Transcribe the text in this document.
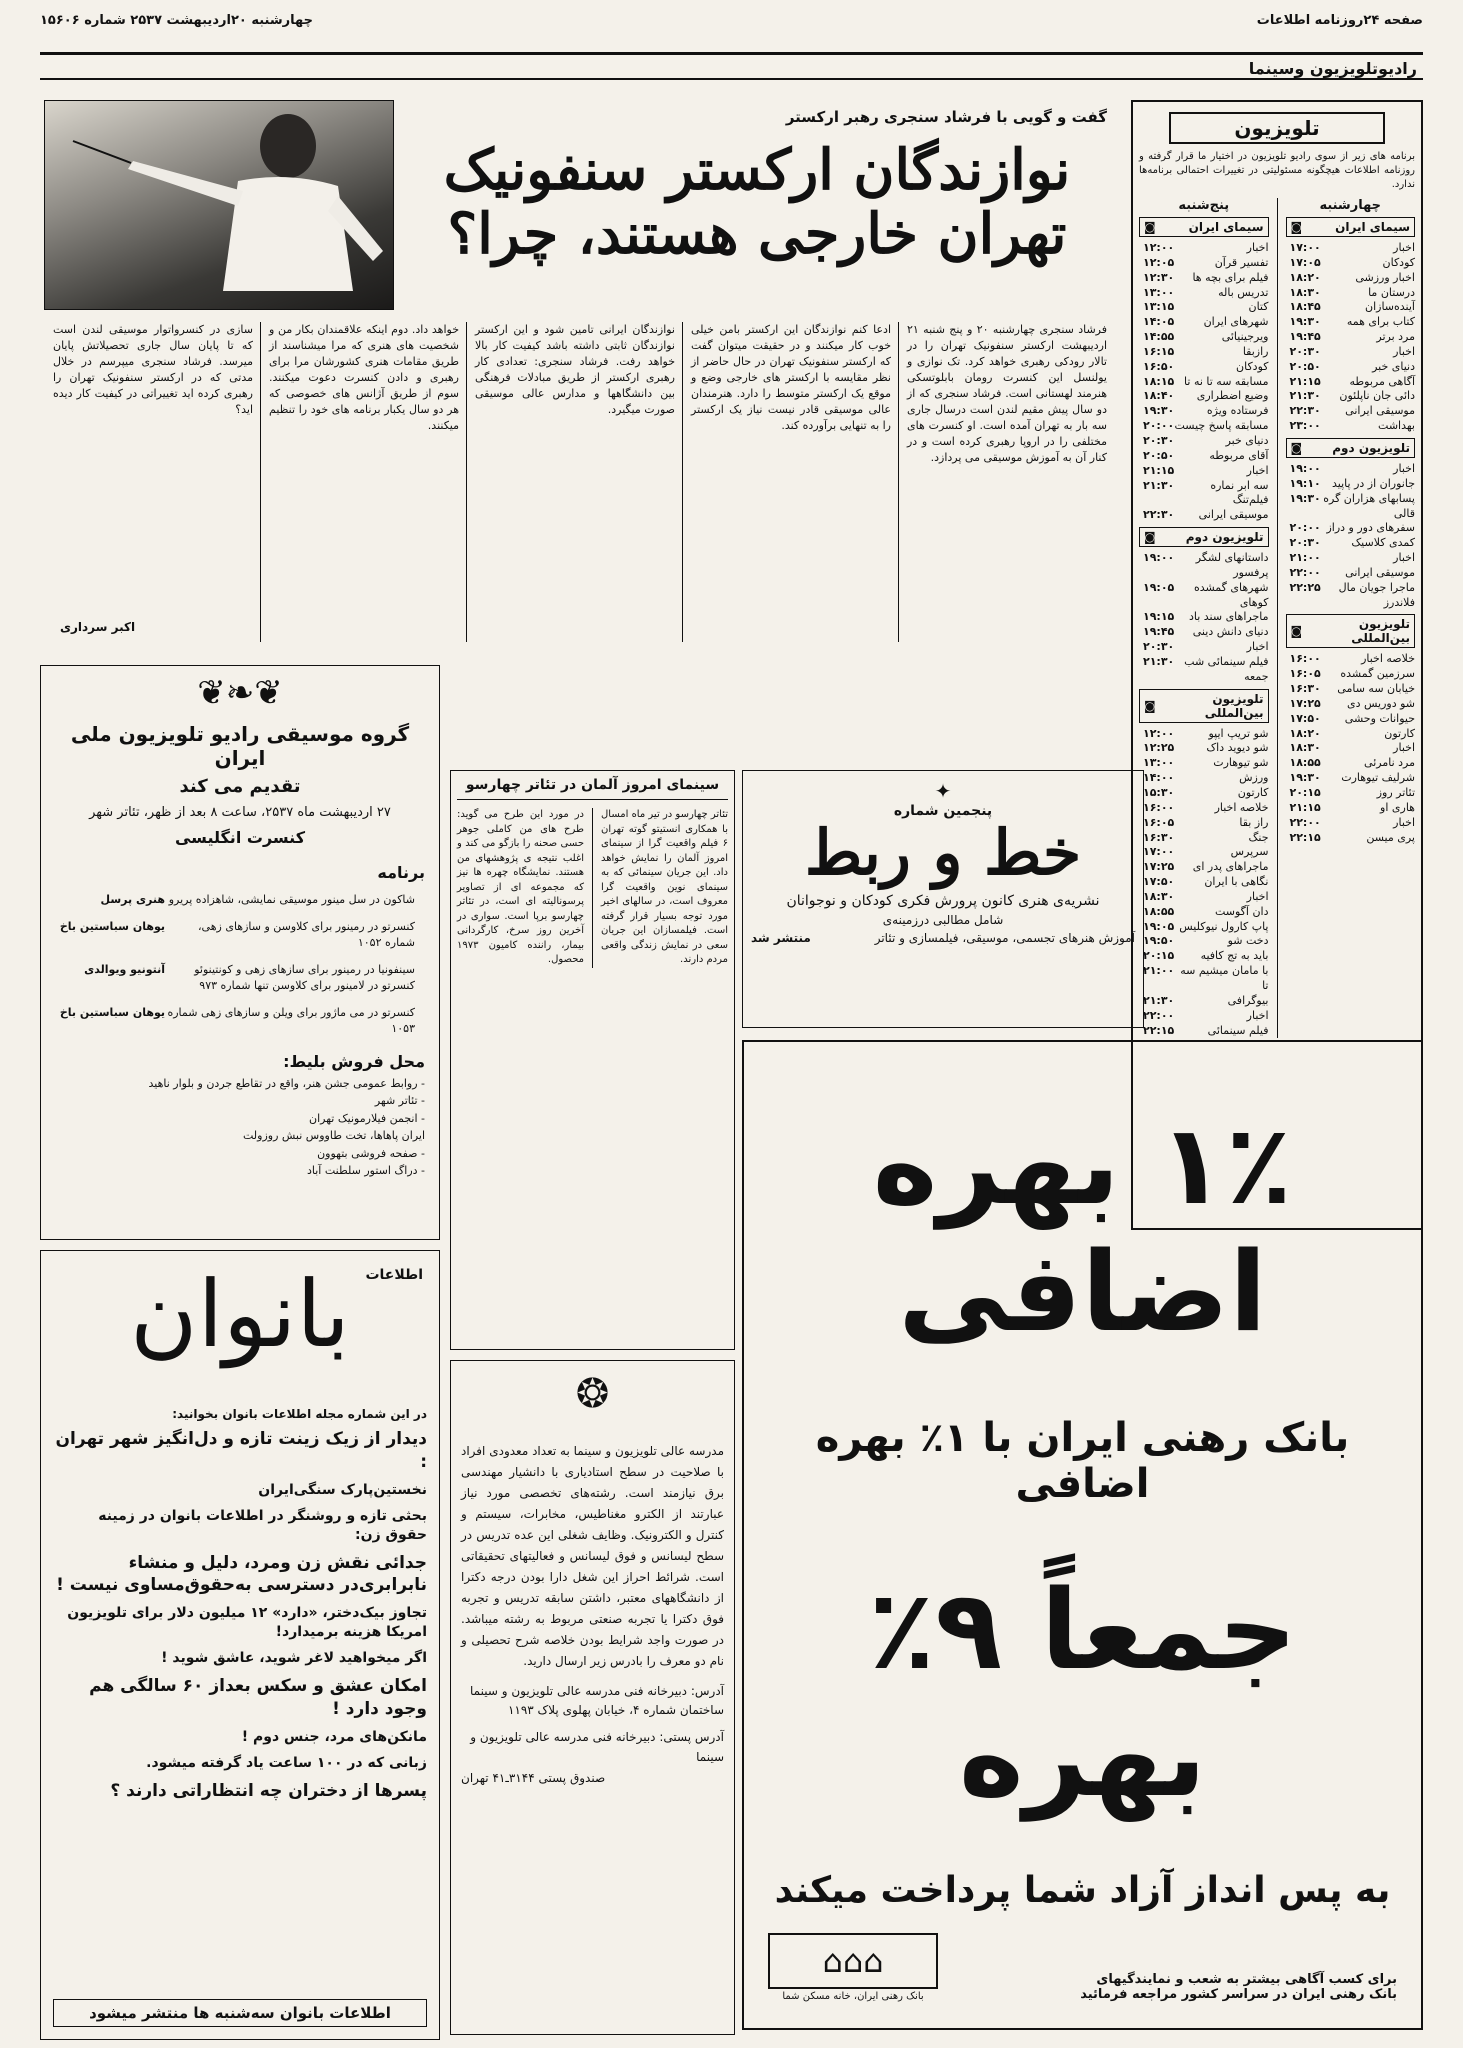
صفحه ۲۴روزنامه اطلاعات
چهارشنبه ۲۰اردیبهشت ۲۵۳۷ شماره ۱۵۶۰۶
رادیوتلویزیون وسینما
تلویزیون
برنامه های زیر از سوی رادیو تلویزیون در اختیار ما قرار گرفته و روزنامه اطلاعات هیچگونه مسئولیتی در تغییرات احتمالی برنامه‌ها ندارد.
چهارشنبه
سیمای ایران
◙
اخبار
۱۷:۰۰
کودکان
۱۷:۰۵
اخبار ورزشی
۱۸:۲۰
درستان ما
۱۸:۳۰
آینده‌سازان
۱۸:۴۵
کتاب برای همه
۱۹:۳۰
مرد برتر
۱۹:۴۵
اخبار
۲۰:۳۰
دنیای خبر
۲۰:۵۰
آگاهی مربوطه
۲۱:۱۵
دائی جان ناپلئون
۲۱:۳۰
موسیقی ایرانی
۲۲:۳۰
بهداشت
۲۳:۰۰
تلویزیون دوم
◙
اخبار
۱۹:۰۰
جانوران از در پاپید
۱۹:۱۰
پسابهای هزاران گره قالی
۱۹:۳۰
سفرهای دور و دراز
۲۰:۰۰
کمدی کلاسیک
۲۰:۳۰
اخبار
۲۱:۰۰
موسیقی ایرانی
۲۲:۰۰
ماجرا جویان مال فلاندرز
۲۲:۲۵
تلویزیون بین‌المللی
◙
خلاصه اخبار
۱۶:۰۰
سرزمین گمشده
۱۶:۰۵
خیابان سه سامی
۱۶:۳۰
شو دوریس دی
۱۷:۲۵
حیوانات وحشی
۱۷:۵۰
کارتون
۱۸:۲۰
اخبار
۱۸:۳۰
مرد نامرئی
۱۸:۵۵
شرلیف تیوهارت
۱۹:۳۰
تئاتر روز
۲۰:۱۵
هاری او
۲۱:۱۵
اخبار
۲۲:۰۰
پری میسن
۲۲:۱۵
پنج‌شنبه
سیمای ایران
◙
اخبار
۱۲:۰۰
تفسیر قرآن
۱۲:۰۵
فیلم برای بچه ها
۱۲:۳۰
تدریس باله
۱۳:۰۰
کتان
۱۳:۱۵
شهرهای ایران
۱۴:۰۵
ویرجینیائی
۱۴:۵۵
رازبقا
۱۶:۱۵
کودکان
۱۶:۵۰
مسابقه سه تا نه تا
۱۸:۱۵
وضیع اضطراری
۱۸:۴۰
فرستاده ویژه
۱۹:۳۰
مسابقه پاسخ چیست
۲۰:۰۰
دنیای خبر
۲۰:۳۰
آقای مربوطه
۲۰:۵۰
اخبار
۲۱:۱۵
سه ابر نماره فیلم‌تنگ
۲۱:۳۰
موسیقی ایرانی
۲۲:۳۰
تلویزیون دوم
◙
داستانهای لشگر پرفسور
۱۹:۰۰
شهرهای گمشده کوهای
۱۹:۰۵
ماجراهای سند باد
۱۹:۱۵
دنیای دانش دینی
۱۹:۴۵
اخبار
۲۰:۳۰
فیلم سینمائی شب جمعه
۲۱:۳۰
تلویزیون بین‌المللی
◙
شو تریپ ایپو
۱۲:۰۰
شو دیوید داک
۱۲:۲۵
شو تیوهارت
۱۳:۰۰
ورزش
۱۴:۰۰
کارتون
۱۵:۳۰
خلاصه اخبار
۱۶:۰۰
راز بقا
۱۶:۰۵
جنگ
۱۶:۳۰
سرپرس
۱۷:۰۰
ماجراهای پدر ای
۱۷:۲۵
نگاهی با ایران
۱۷:۵۰
اخبار
۱۸:۳۰
دان آگوست
۱۸:۵۵
پاپ کارول نیوکلیس
۱۹:۰۵
دخت شو
۱۹:۵۰
باید به تج کافیه
۲۰:۱۵
با مامان میشیم سه تا
۲۱:۰۰
بیوگرافی
۲۱:۳۰
اخبار
۲۲:۰۰
فیلم سینمائی
۲۲:۱۵
گفت و گویی با فرشاد سنجری رهبر ارکستر
نوازندگان ارکستر سنفونیک
تهران خارجی هستند، چرا؟
فرشاد سنجری چهارشنبه ۲۰ و پنج شنبه ۲۱ اردیبهشت ارکستر سنفونیک تهران را در تالار رودکی رهبری خواهد کرد. تک نوازی و یولنسل این کنسرت رومان بابلوتسکی هنرمند لهستانی است. فرشاد سنجری که از دو سال پیش مقیم لندن است درسال جاری سه بار به تهران آمده است. او کنسرت های مختلفی را در اروپا رهبری کرده است و در کنار آن به آموزش موسیقی می پردازد.
ادعا کنم نوازندگان این ارکستر بامن خیلی خوب کار میکنند و در حقیقت میتوان گفت که ارکستر سنفونیک تهران در حال حاضر از نظر مقایسه با ارکستر های خارجی وضع و موقع یک ارکستر متوسط را دارد. هنرمندان عالی موسیقی قادر نیست نیاز یک ارکستر را به تنهایی برآورده کند.
نوازندگان ایرانی تامین شود و این ارکستر نوازندگان ثابتی داشته باشد کیفیت کار بالا خواهد رفت. فرشاد سنجری: تعدادی کار رهبری ارکستر از طریق مبادلات فرهنگی بین دانشگاهها و مدارس عالی موسیقی صورت میگیرد.
خواهد داد. دوم اینکه علاقمندان بکار من و شخصیت های هنری که مرا میشناسند از طریق مقامات هنری کشورشان مرا برای رهبری و دادن کنسرت دعوت میکنند. سوم از طریق آژانس های خصوصی که هر دو سال یکبار برنامه های خود را تنظیم میکنند.
سازی در کنسرواتوار موسیقی لندن است که تا پایان سال جاری تحصیلاتش پایان میرسد. فرشاد سنجری میپرسم در خلال مدتی که در ارکستر سنفونیک تهران را رهبری کرده اید تغییراتی در کیفیت کار دیده اید؟
اکبر سرداری
❦❧❦
گروه موسیقی رادیو تلویزیون ملی ایران
تقدیم می کند
۲۷ اردیبهشت ماه ۲۵۳۷، ساعت ۸ بعد از ظهر، تئاتر شهر
کنسرت انگلیسی
برنامه
شاکون در سل مینور موسیقی نمایشی، شاهزاده پریرو
هنری پرسل
کنسرتو در رمینور برای کلاوسن و سازهای زهی، شماره ۱۰۵۲
یوهان سباستین باخ
سینفونیا در رمینور برای سازهای زهی و کونتینوئو کنسرتو در لامینور برای کلاوسن تنها شماره ۹۷۳
آنتونیو ویوالدی
کنسرتو در می ماژور برای ویلن و سازهای زهی شماره ۱۰۵۳
یوهان سباستین باخ
محل فروش بلیط:
- روابط عمومی جشن هنر، واقع در تقاطع جردن و بلوار ناهید
- تئاتر شهر
- انجمن فیلارمونیک تهران
ایران پاهاها، تخت طاووس نبش روزولت
- صفحه فروشی بتهوون
- دراگ استور سلطنت آباد
سینمای امروز آلمان در تئاتر چهارسو
تئاتر چهارسو در تیر ماه امسال با همکاری انستیتو گوته تهران ۶ فیلم واقعیت گرا از سینمای امروز آلمان را نمایش خواهد داد. این جریان سینمائی که به سینمای نوین واقعیت گرا معروف است، در سالهای اخیر مورد توجه بسیار قرار گرفته است. فیلمسازان این جریان سعی در نمایش زندگی واقعی مردم دارند.
در مورد این طرح می گوید: طرح های من کاملی جوهر حسی صحنه را بازگو می کند و اغلب نتیجه ی پژوهشهای من هستند. نمایشگاه چهره ها نیز که مجموعه ای از تصاویر پرسونالیته ای است، در تئاتر چهارسو برپا است. سواری در آخرین روز سرخ، کارگردانی بیمار، راننده کامیون ۱۹۷۳ محصول.
✦
پنجمین شماره
خط و ربط
نشریه‌ی هنری کانون پرورش فکری کودکان و نوجوانان
شامل مطالبی درزمینه‌ی
آموزش هنرهای تجسمی، موسیقی، فیلمسازی و تئاتر
منتشر شد
۱٪ بهره اضافی
بانک رهنی ایران با ۱٪ بهره اضافی
جمعاً ۹٪ بهره
به پس انداز آزاد شما پرداخت میکند
برای کسب آگاهی بیشتر به شعب و نمایندگیهای
بانک رهنی ایران در سراسر کشور مراجعه فرمائید
⌂⌂⌂
بانک رهنی ایران، خانه مسکن شما
بانوان اطلاعات
در این شماره مجله اطلاعات بانوان بخوانید:
دیدار از زیک زینت تازه و دل‌انگیز شهر تهران :
نخستین‌پارک سنگی‌ایران
بحثی تازه و روشنگر در اطلاعات بانوان در زمینه حقوق زن:
جدائی نقش زن ومرد، دلیل و منشاء نابرابری‌در دسترسی به‌حقوق‌مساوی نیست !
تجاوز بیک‌دختر، «دارد» ۱۲ میلیون دلار برای تلویزیون امریکا هزینه برمیدارد!
اگر میخواهید لاغر شوید، عاشق شوید !
امکان عشق و سکس بعداز ۶۰ سالگی هم وجود دارد !
مانکن‌های مرد، جنس دوم !
زبانی که در ۱۰۰ ساعت یاد گرفته میشود.
پسرها از دختران چه انتظاراتی دارند ؟
اطلاعات بانوان سه‌شنبه ها منتشر میشود
❂
مدرسه عالی تلویزیون و سینما به تعداد معدودی افراد با صلاحیت در سطح استادیاری با دانشیار مهندسی برق نیازمند است. رشته‌های تخصصی مورد نیاز عبارتند از الکترو مغناطیس، مخابرات، سیستم و کنترل و الکترونیک. وظایف شغلی این عده تدریس در سطح لیسانس و فوق لیسانس و فعالیتهای تحقیقاتی است. شرائط احراز این شغل دارا بودن درجه دکترا از دانشگاههای معتبر، داشتن سابقه تدریس و تجربه فوق دکترا یا تجربه صنعتی مربوط به رشته میباشد. در صورت واجد شرایط بودن خلاصه شرح تحصیلی و نام دو معرف را بادرس زیر ارسال دارید.
آدرس: دبیرخانه فنی مدرسه عالی تلویزیون و سینما ساختمان شماره ۴، خیابان پهلوی پلاک ۱۱۹۳
آدرس پستی: دبیرخانه فنی مدرسه عالی تلویزیون و سینما
صندوق پستی ۳۱۴۴ـ۴۱ تهران
